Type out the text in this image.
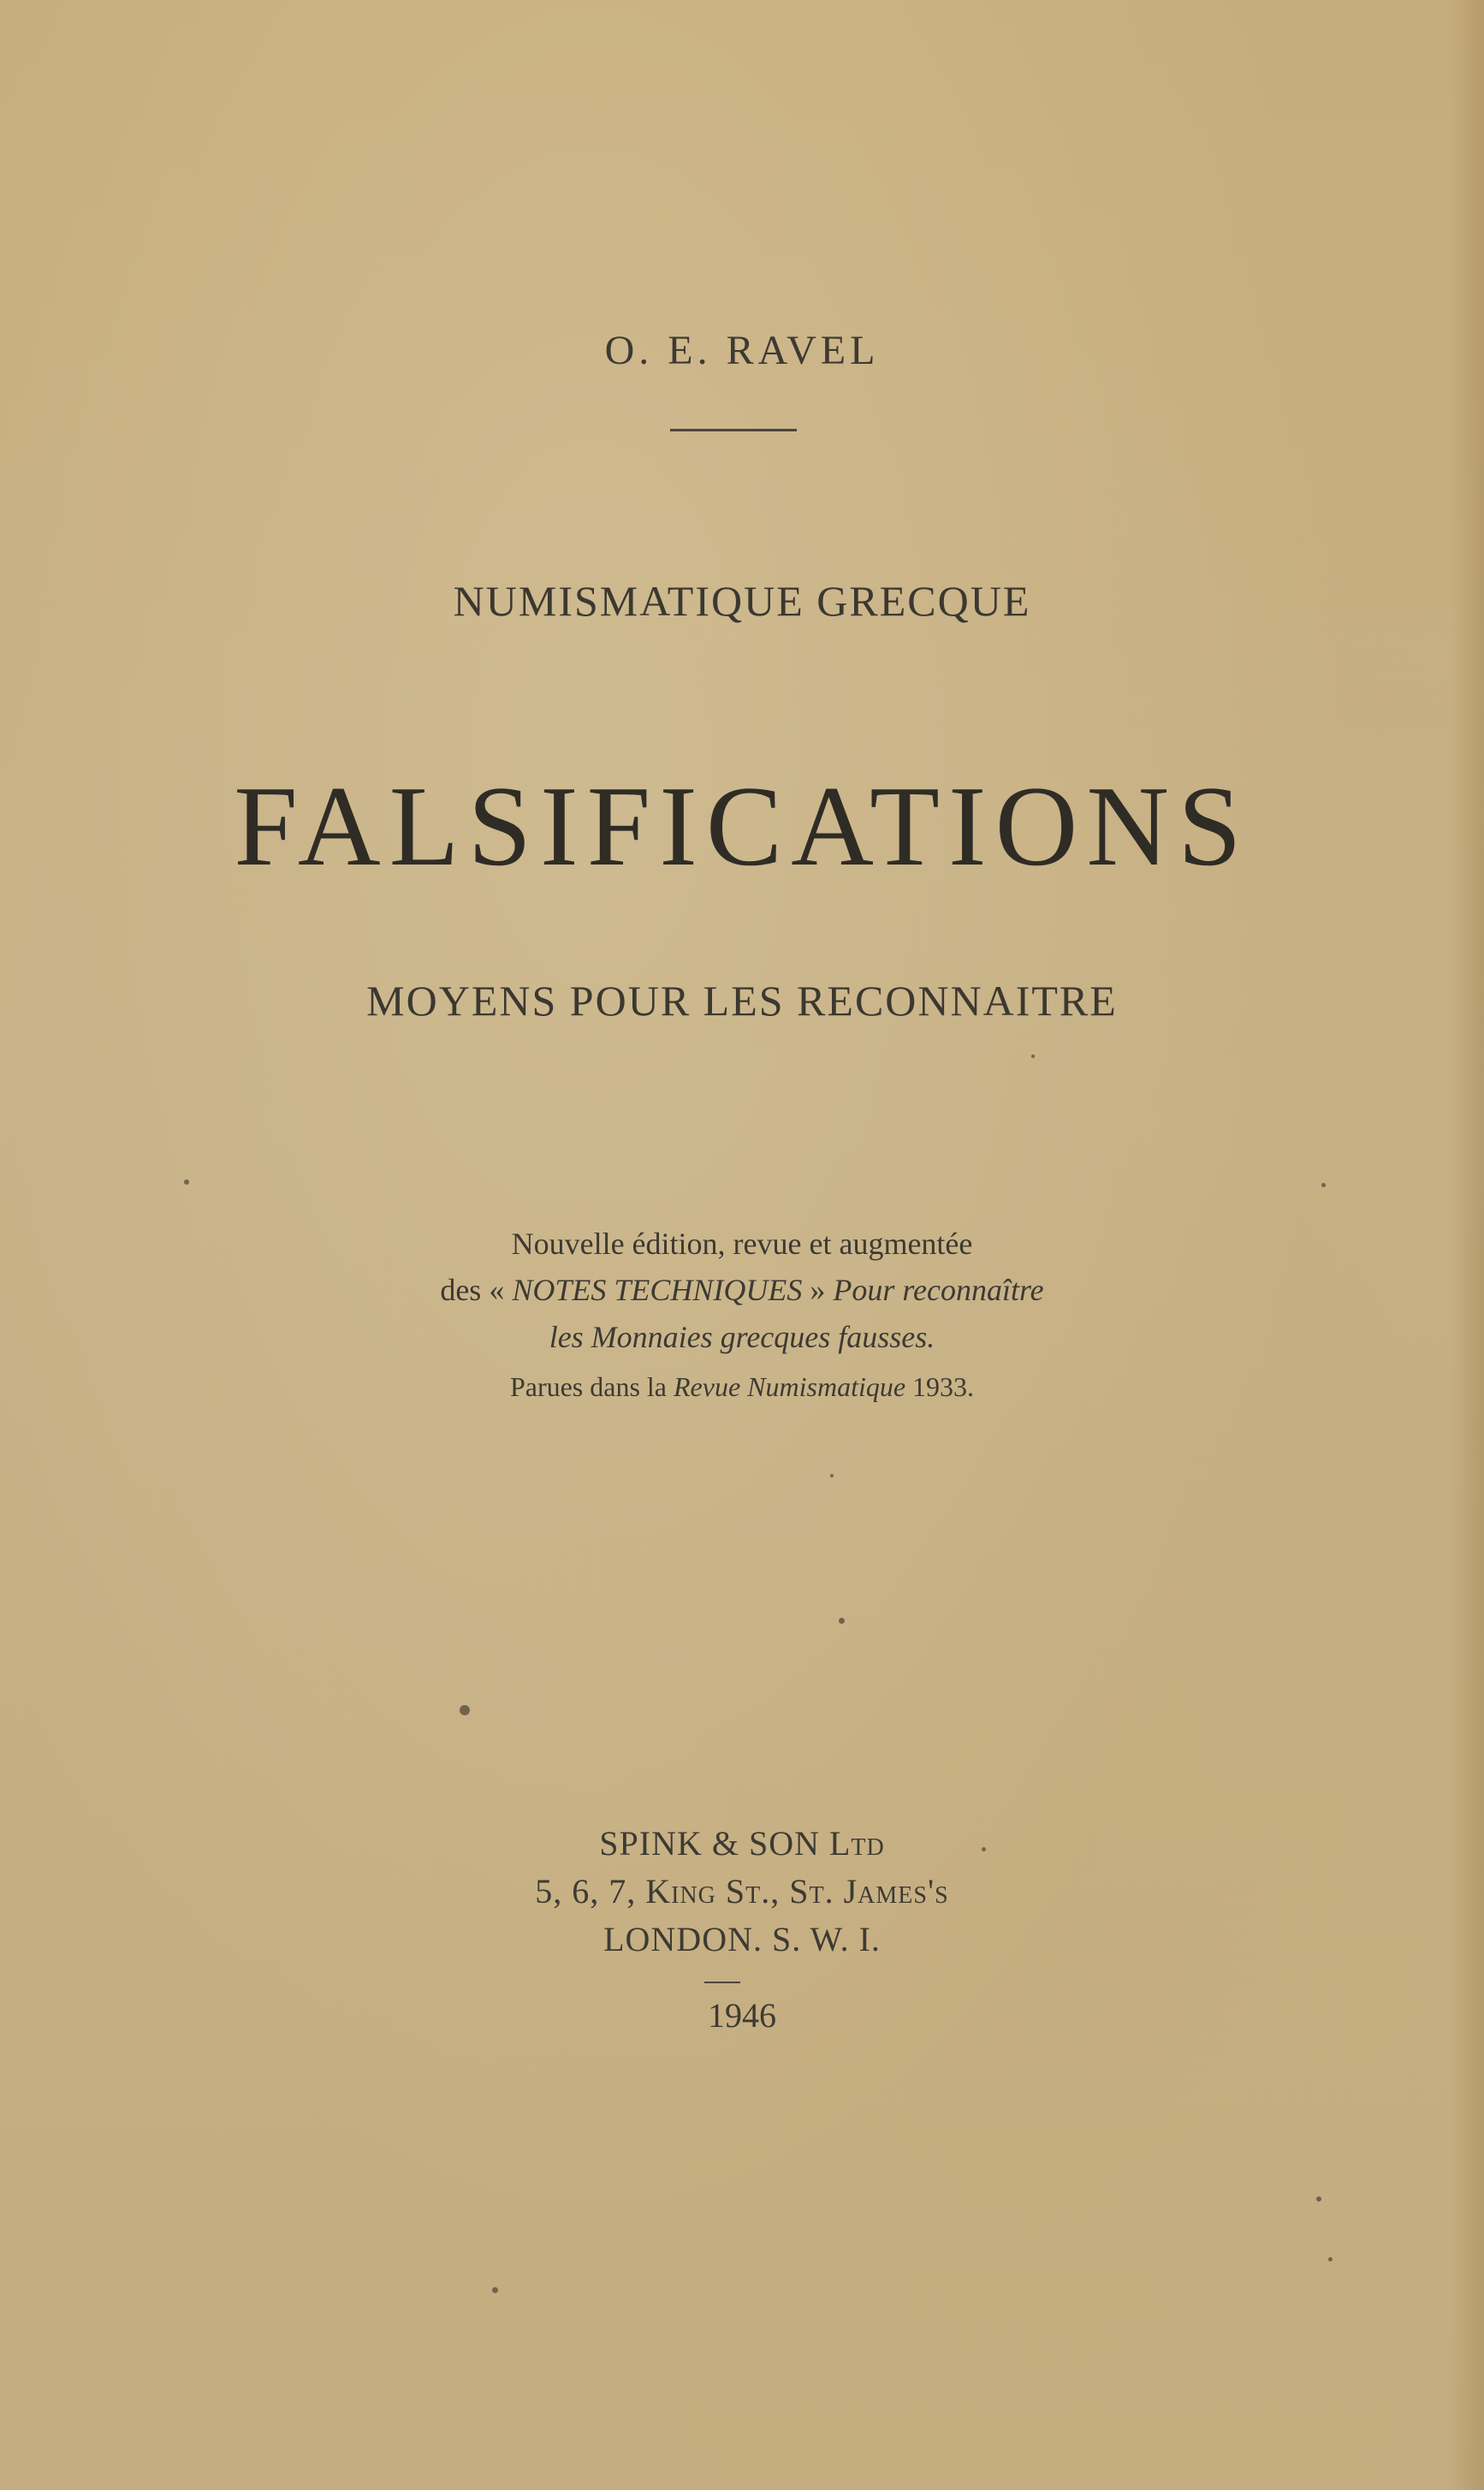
O. E. RAVEL

NUMISMATIQUE GRECQUE

FALSIFICATIONS

MOYENS POUR LES RECONNAITRE

Nouvelle édition, revue et augmentée

des « NOTES TECHNIQUES » Pour reconnaître

les Monnaies grecques fausses.

Parues dans la Revue Numismatique 1933.

SPINK & SON Ltd

5, 6, 7, King St., St. James's

LONDON. S. W. I.

1946
